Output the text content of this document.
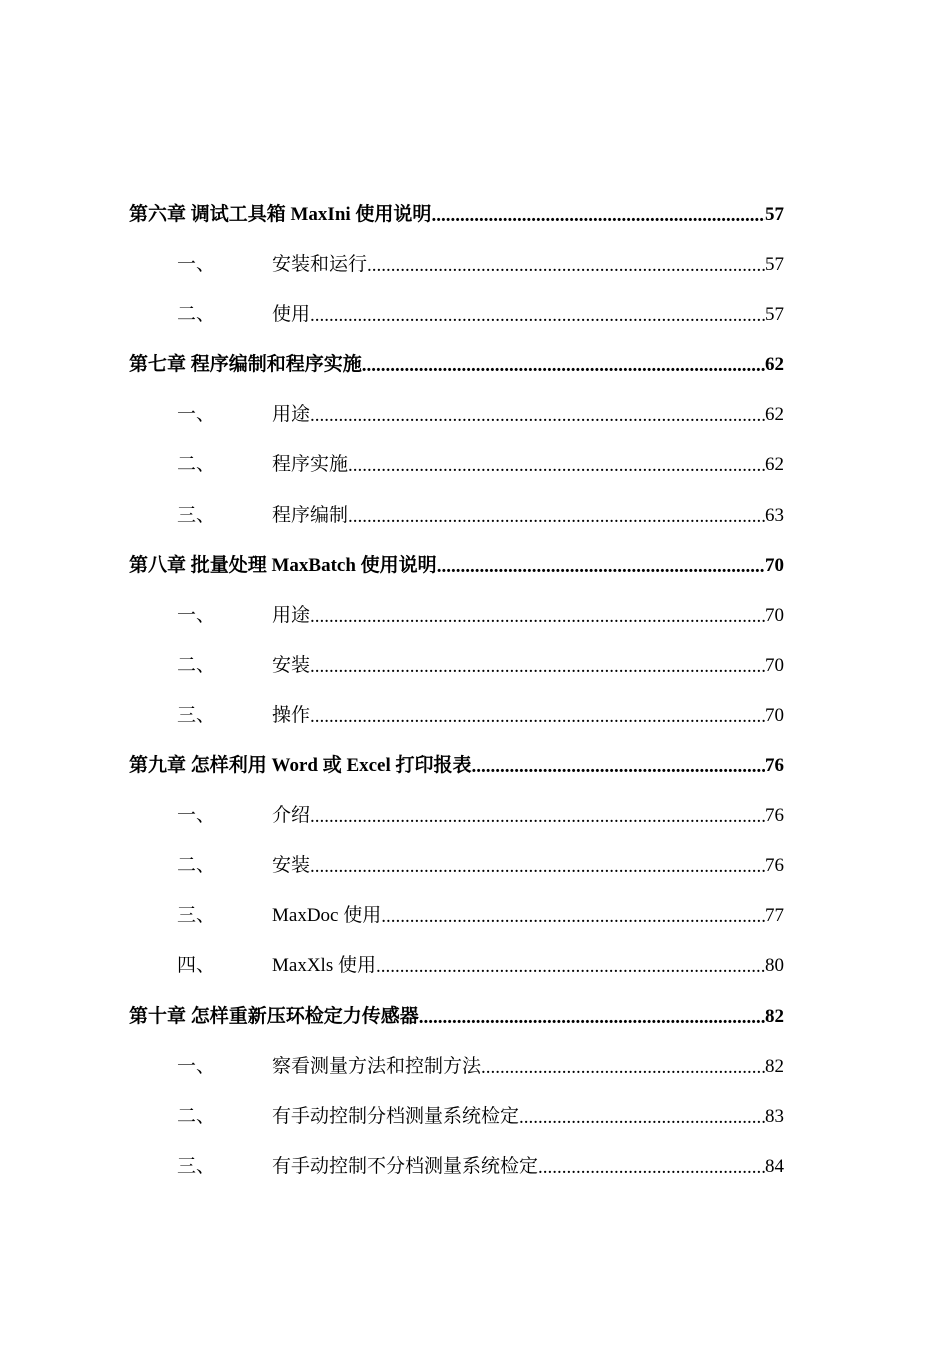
第六章 调试工具箱 MaxIni 使用说明 .....	57
一、	安装和运行 .....	57
二、	使用 .....	57
第七章 程序编制和程序实施 .....	62
一、	用途 .....	62
二、	程序实施 .....	62
三、	程序编制 .....	63
第八章 批量处理 MaxBatch 使用说明 .....	70
一、	用途 .....	70
二、	安装 .....	70
三、	操作 .....	70
第九章 怎样利用 Word 或 Excel 打印报表 .....	76
一、	介绍 .....	76
二、	安装 .....	76
三、	MaxDoc 使用 .....	77
四、	MaxXls 使用 .....	80
第十章 怎样重新压环检定力传感器 .....	82
一、	察看测量方法和控制方法 .....	82
二、	有手动控制分档测量系统检定 .....	83
三、	有手动控制不分档测量系统检定 .....	84
